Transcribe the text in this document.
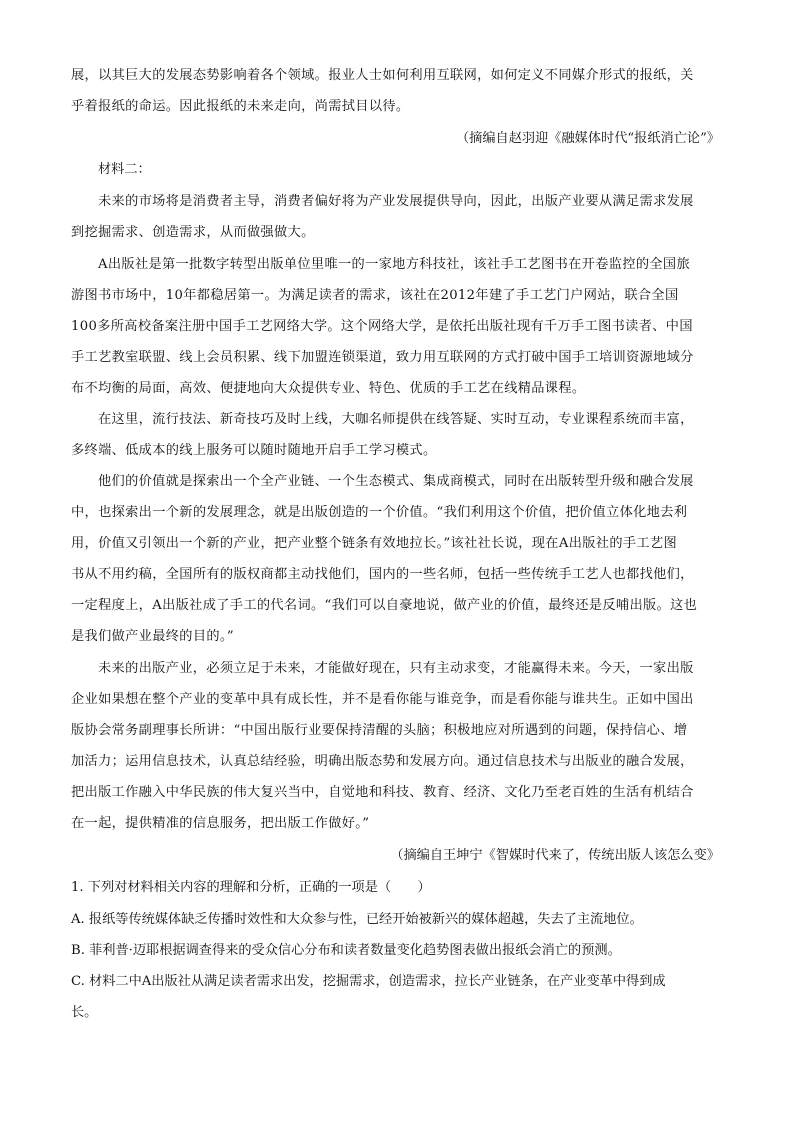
展，以其巨大的发展态势影响着各个领域。报业人士如何利用互联网，如何定义不同媒介形式的报纸，关
乎着报纸的命运。因此报纸的未来走向，尚需拭目以待。

（摘编自赵羽迎《融媒体时代“报纸消亡论”》

材料二：

未来的市场将是消费者主导，消费者偏好将为产业发展提供导向，因此，出版产业要从满足需求发展
到挖掘需求、创造需求，从而做强做大。
A出版社是第一批数字转型出版单位里唯一的一家地方科技社，该社手工艺图书在开卷监控的全国旅
游图书市场中，10年都稳居第一。为满足读者的需求，该社在2012年建了手工艺门户网站，联合全国
100多所高校备案注册中国手工艺网络大学。这个网络大学，是依托出版社现有千万手工图书读者、中国
手工艺教室联盟、线上会员积累、线下加盟连锁渠道，致力用互联网的方式打破中国手工培训资源地域分
布不均衡的局面，高效、便捷地向大众提供专业、特色、优质的手工艺在线精品课程。
在这里，流行技法、新奇技巧及时上线，大咖名师提供在线答疑、实时互动，专业课程系统而丰富，
多终端、低成本的线上服务可以随时随地开启手工学习模式。
他们的价值就是探索出一个全产业链、一个生态模式、集成商模式，同时在出版转型升级和融合发展
中，也探索出一个新的发展理念，就是出版创造的一个价值。“我们利用这个价值，把价值立体化地去利
用，价值又引领出一个新的产业，把产业整个链条有效地拉长。”该社社长说，现在A出版社的手工艺图
书从不用约稿，全国所有的版权商都主动找他们，国内的一些名师，包括一些传统手工艺人也都找他们，
一定程度上，A出版社成了手工的代名词。“我们可以自豪地说，做产业的价值，最终还是反哺出版。这也
是我们做产业最终的目的。”
未来的出版产业，必须立足于未来，才能做好现在，只有主动求变，才能赢得未来。今天，一家出版
企业如果想在整个产业的变革中具有成长性，并不是看你能与谁竞争，而是看你能与谁共生。正如中国出
版协会常务副理事长所讲：“中国出版行业要保持清醒的头脑；积极地应对所遇到的问题，保持信心、增
加活力；运用信息技术，认真总结经验，明确出版态势和发展方向。通过信息技术与出版业的融合发展，
把出版工作融入中华民族的伟大复兴当中，自觉地和科技、教育、经济、文化乃至老百姓的生活有机结合
在一起，提供精准的信息服务，把出版工作做好。”

（摘编自王坤宁《智媒时代来了，传统出版人该怎么变》

1. 下列对材料相关内容的理解和分析，正确的一项是（　　）

A. 报纸等传统媒体缺乏传播时效性和大众参与性，已经开始被新兴的媒体超越，失去了主流地位。

B. 菲利普·迈耶根据调查得来的受众信心分布和读者数量变化趋势图表做出报纸会消亡的预测。

C. 材料二中A出版社从满足读者需求出发，挖掘需求，创造需求，拉长产业链条，在产业变革中得到成

长。
